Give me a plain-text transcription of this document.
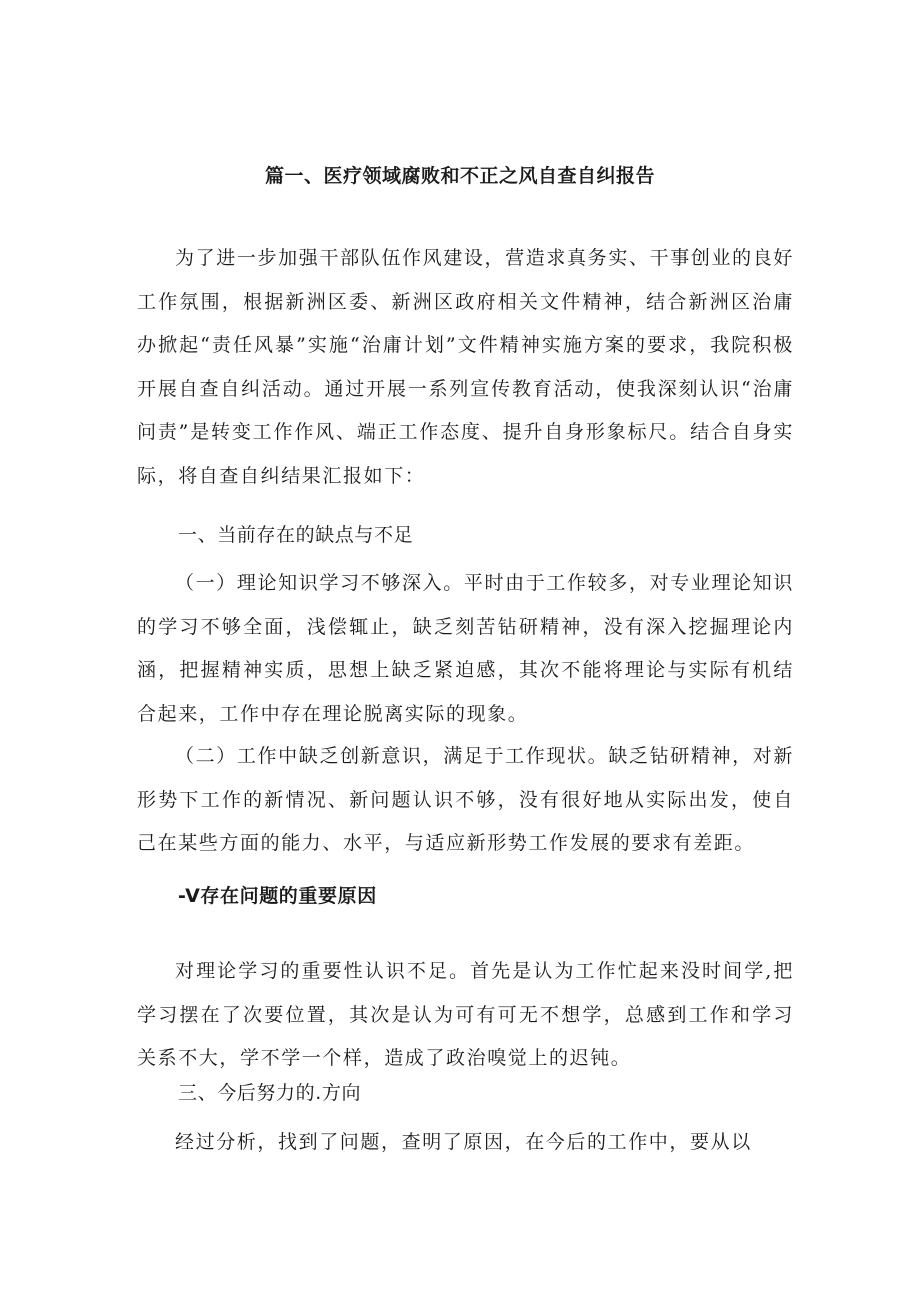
篇一、医疗领域腐败和不正之风自查自纠报告

为了进一步加强干部队伍作风建设，营造求真务实、干事创业的良好工作氛围，根据新洲区委、新洲区政府相关文件精神，结合新洲区治庸办掀起“责任风暴”实施“治庸计划”文件精神实施方案的要求，我院积极开展自查自纠活动。通过开展一系列宣传教育活动，使我深刻认识“治庸问责”是转变工作作风、端正工作态度、提升自身形象标尺。结合自身实际，将自查自纠结果汇报如下：

一、当前存在的缺点与不足

（一）理论知识学习不够深入。平时由于工作较多，对专业理论知识的学习不够全面，浅偿辄止，缺乏刻苦钻研精神，没有深入挖掘理论内涵，把握精神实质，思想上缺乏紧迫感，其次不能将理论与实际有机结合起来，工作中存在理论脱离实际的现象。

（二）工作中缺乏创新意识，满足于工作现状。缺乏钻研精神，对新形势下工作的新情况、新问题认识不够，没有很好地从实际出发，使自己在某些方面的能力、水平，与适应新形势工作发展的要求有差距。

-V存在问题的重要原因

对理论学习的重要性认识不足。首先是认为工作忙起来没时间学,把学习摆在了次要位置，其次是认为可有可无不想学，总感到工作和学习关系不大，学不学一个样，造成了政治嗅觉上的迟钝。

三、今后努力的.方向

经过分析，找到了问题，查明了原因，在今后的工作中，要从以
